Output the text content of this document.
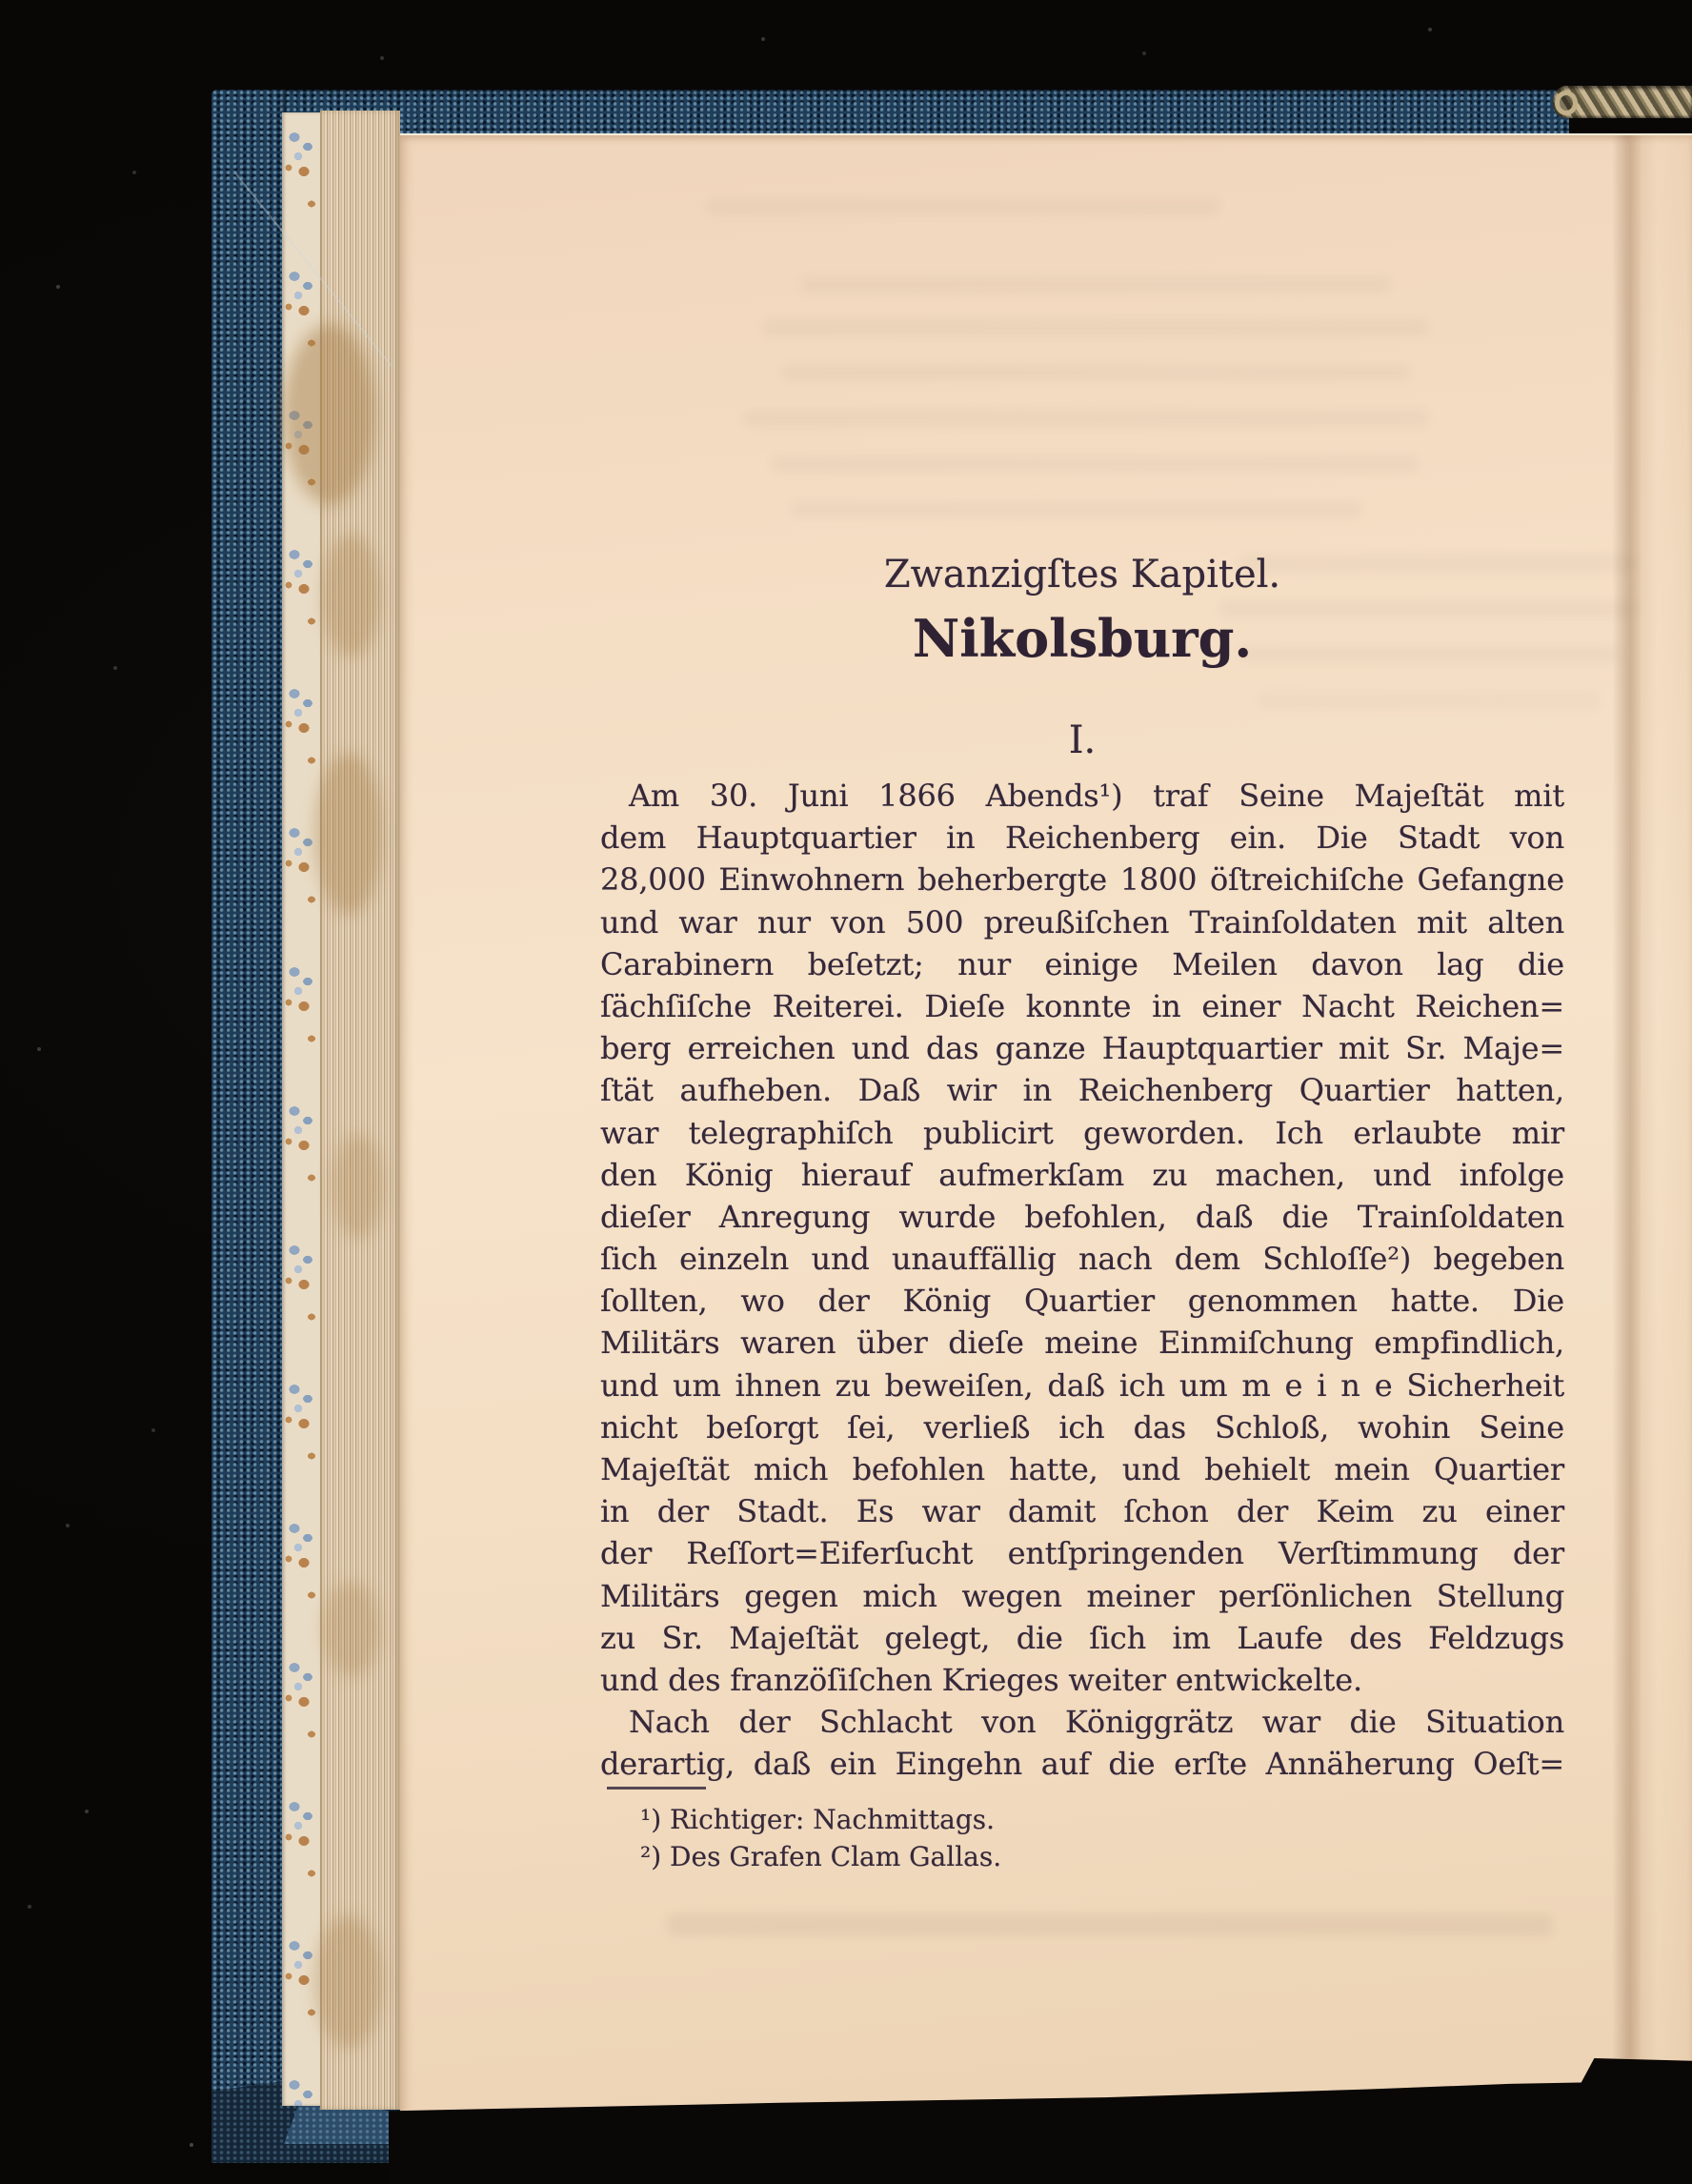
Zwanzigſtes Kapitel.
Nikolsburg.
I.
Am 30. Juni 1866 Abends¹) traf Seine Majeſtät mit
dem Hauptquartier in Reichenberg ein. Die Stadt von
28,000 Einwohnern beherbergte 1800 öſtreichiſche Gefangne
und war nur von 500 preußiſchen Trainſoldaten mit alten
Carabinern beſetzt; nur einige Meilen davon lag die
ſächſiſche Reiterei. Dieſe konnte in einer Nacht Reichen=
berg erreichen und das ganze Hauptquartier mit Sr. Maje=
ſtät aufheben. Daß wir in Reichenberg Quartier hatten,
war telegraphiſch publicirt geworden. Ich erlaubte mir
den König hierauf aufmerkſam zu machen, und infolge
dieſer Anregung wurde befohlen, daß die Trainſoldaten
ſich einzeln und unauffällig nach dem Schloſſe²) begeben
ſollten, wo der König Quartier genommen hatte. Die
Militärs waren über dieſe meine Einmiſchung empfindlich,
und um ihnen zu beweiſen, daß ich um m e i n e Sicherheit
nicht beſorgt ſei, verließ ich das Schloß, wohin Seine
Majeſtät mich befohlen hatte, und behielt mein Quartier
in der Stadt. Es war damit ſchon der Keim zu einer
der Reſſort=Eiferſucht entſpringenden Verſtimmung der
Militärs gegen mich wegen meiner perſönlichen Stellung
zu Sr. Majeſtät gelegt, die ſich im Laufe des Feldzugs
und des franzöſiſchen Krieges weiter entwickelte.
Nach der Schlacht von Königgrätz war die Situation
derartig, daß ein Eingehn auf die erſte Annäherung Oeſt=
¹) Richtiger: Nachmittags.
²) Des Grafen Clam Gallas.
